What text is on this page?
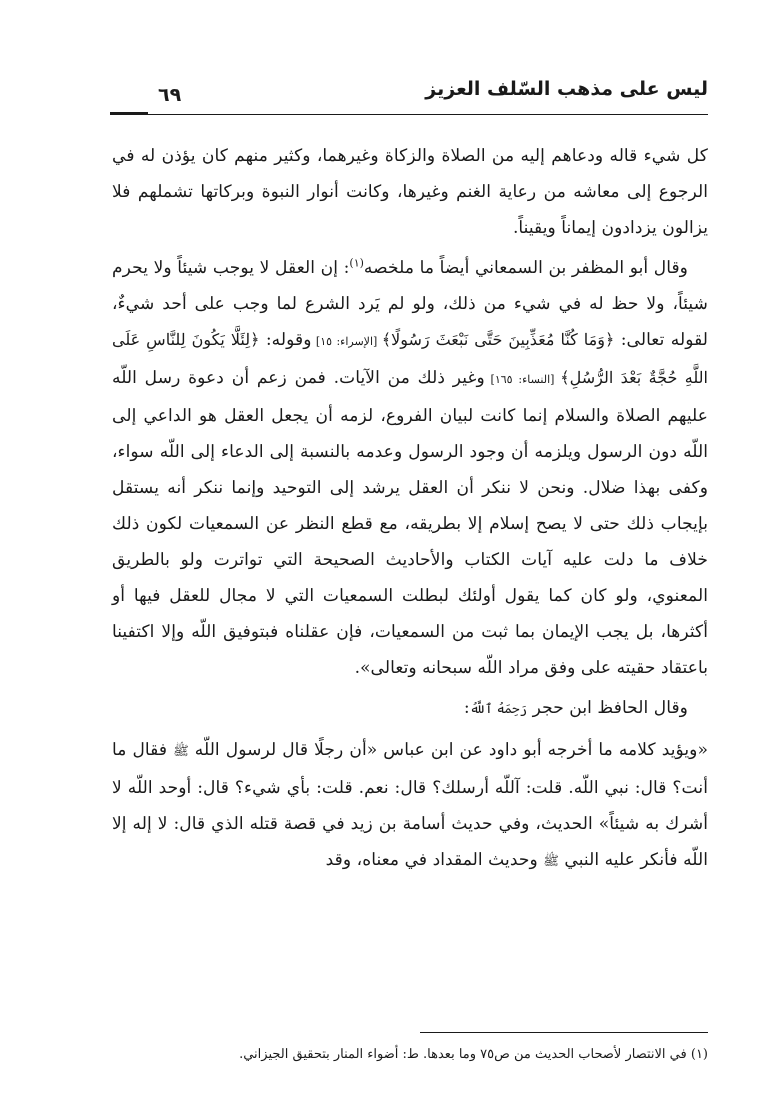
ليس على مذهب السّلف العزيز
٦٩

كل شيء قاله ودعاهم إليه من الصلاة والزكاة وغيرهما، وكثير منهم كان يؤذن له في الرجوع إلى معاشه من رعاية الغنم وغيرها، وكانت أنوار النبوة وبركاتها تشملهم فلا يزالون يزدادون إيماناً ويقيناً.

وقال أبو المظفر بن السمعاني أيضاً ما ملخصه$^{(١)}$: إن العقل لا يوجب شيئاً ولا يحرم شيئاً، ولا حظ له في شيء من ذلك، ولو لم يَرد الشرع لما وجب على أحد شيءٌ، لقوله تعالى: ﴿وَمَا كُنَّا مُعَذِّبِينَ حَتَّى نَبْعَثَ رَسُولًا﴾ [الإسراء: ١٥] وقوله: ﴿لِئَلَّا يَكُونَ لِلنَّاسِ عَلَى اللَّهِ حُجَّةٌ بَعْدَ الرُّسُلِ﴾ [النساء: ١٦٥] وغير ذلك من الآيات. فمن زعم أن دعوة رسل اللّه عليهم الصلاة والسلام إنما كانت لبيان الفروع، لزمه أن يجعل العقل هو الداعي إلى اللّه دون الرسول ويلزمه أن وجود الرسول وعدمه بالنسبة إلى الدعاء إلى اللّه سواء، وكفى بهذا ضلال. ونحن لا ننكر أن العقل يرشد إلى التوحيد وإنما ننكر أنه يستقل بإيجاب ذلك حتى لا يصح إسلام إلا بطريقه، مع قطع النظر عن السمعيات لكون ذلك خلاف ما دلت عليه آيات الكتاب والأحاديث الصحيحة التي تواترت ولو بالطريق المعنوي، ولو كان كما يقول أولئك لبطلت السمعيات التي لا مجال للعقل فيها أو أكثرها، بل يجب الإيمان بما ثبت من السمعيات، فإن عقلناه فبتوفيق اللّه وإلا اكتفينا باعتقاد حقيته على وفق مراد اللّه سبحانه وتعالى».

وقال الحافظ ابن حجر رَحِمَهُ ٱللَّهُ:

«ويؤيد كلامه ما أخرجه أبو داود عن ابن عباس «أن رجلًا قال لرسول اللّه ﷺ فقال ما أنت؟ قال: نبي اللّه. قلت: آللّه أرسلك؟ قال: نعم. قلت: بأي شيء؟ قال: أوحد اللّه لا أشرك به شيئاً» الحديث، وفي حديث أسامة بن زيد في قصة قتله الذي قال: لا إله إلا اللّه فأنكر عليه النبي ﷺ وحديث المقداد في معناه، وقد

(١) في الانتصار لأصحاب الحديث من ص٧٥ وما بعدها. ط: أضواء المنار بتحقيق الجيزاني.
